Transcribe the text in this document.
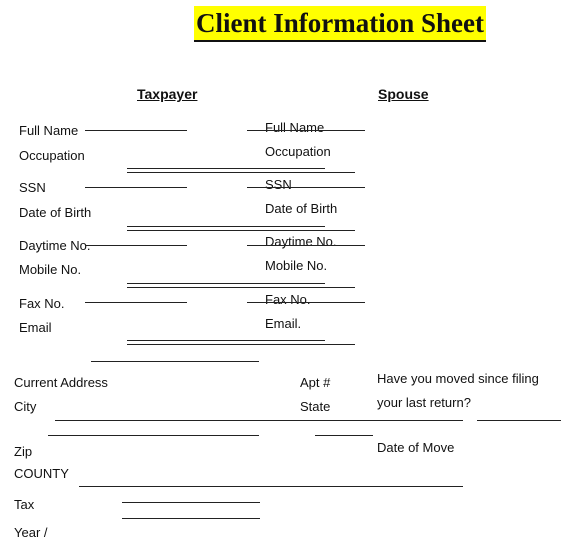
Client Information Sheet
Taxpayer	Spouse
Full Name
Occupation
SSN
Date of Birth
Daytime No.
Mobile No.
Fax No.
Email
Full Name
Occupation
SSN
Date of Birth
Daytime No.
Mobile No.
Fax No.
Email.
Current Address
City
Apt #
State
Have you moved since filing
your last return?
Zip
COUNTY
Date of Move
Tax
Year /
